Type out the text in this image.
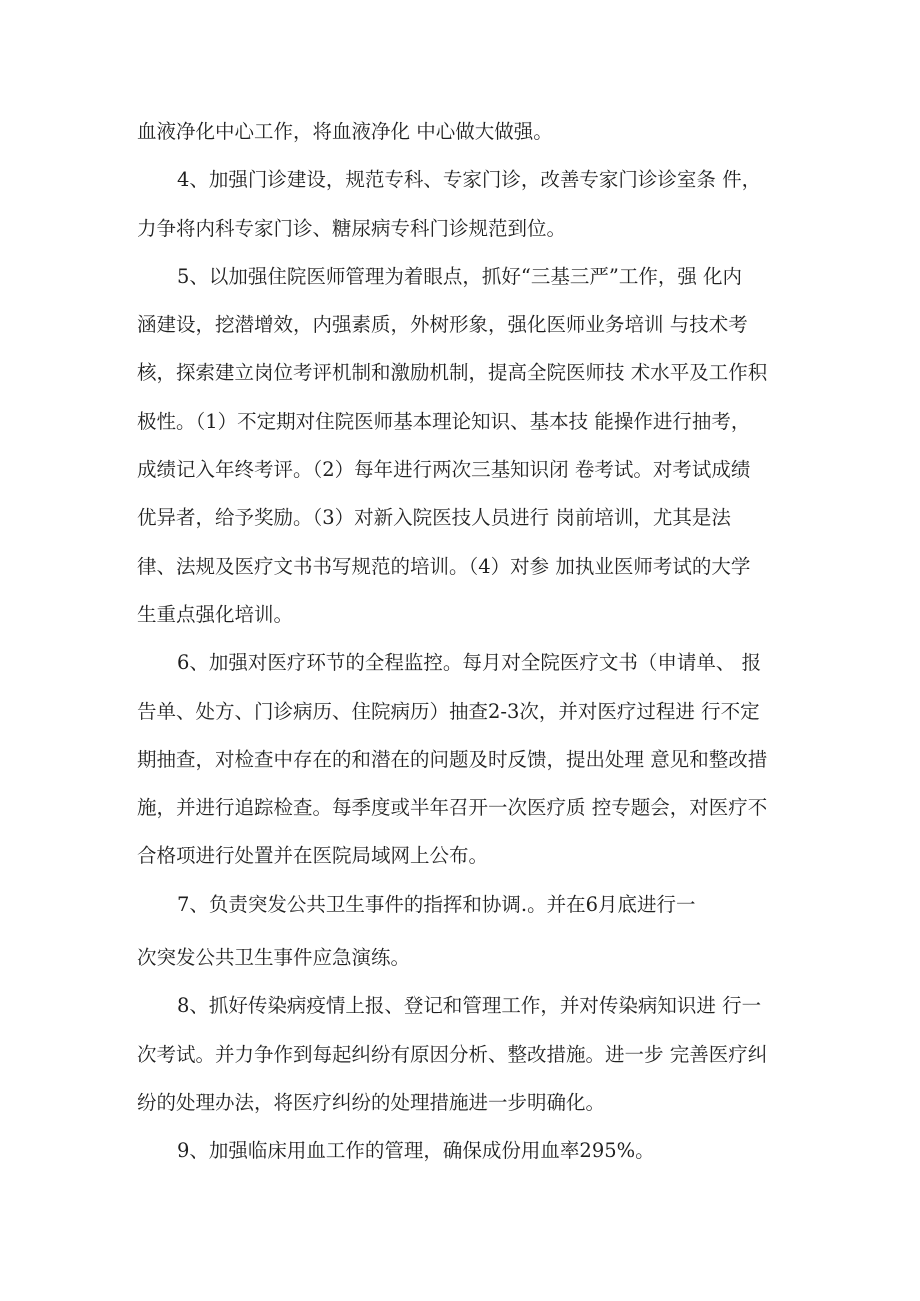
血液净化中心工作，将血液净化 中心做大做强。
4、加强门诊建设，规范专科、专家门诊，改善专家门诊诊室条 件，
力争将内科专家门诊、糖尿病专科门诊规范到位。
5、以加强住院医师管理为着眼点，抓好“三基三严”工作，强 化内
涵建设，挖潜增效，内强素质，外树形象，强化医师业务培训 与技术考
核，探索建立岗位考评机制和激励机制，提高全院医师技 术水平及工作积
极性。（1）不定期对住院医师基本理论知识、基本技 能操作进行抽考，
成绩记入年终考评。（2）每年进行两次三基知识闭 卷考试。对考试成绩
优异者，给予奖励。（3）对新入院医技人员进行 岗前培训，尤其是法
律、法规及医疗文书书写规范的培训。（4）对参 加执业医师考试的大学
生重点强化培训。
6、加强对医疗环节的全程监控。每月对全院医疗文书（申请单、 报
告单、处方、门诊病历、住院病历）抽查2-3次，并对医疗过程进 行不定
期抽查，对检查中存在的和潜在的问题及时反馈，提出处理 意见和整改措
施，并进行追踪检查。每季度或半年召开一次医疗质 控专题会，对医疗不
合格项进行处置并在医院局域网上公布。
7、负责突发公共卫生事件的指挥和协调.。并在6月底进行一
次突发公共卫生事件应急演练。
8、抓好传染病疫情上报、登记和管理工作，并对传染病知识进 行一
次考试。并力争作到每起纠纷有原因分析、整改措施。进一步 完善医疗纠
纷的处理办法，将医疗纠纷的处理措施进一步明确化。
9、加强临床用血工作的管理，确保成份用血率295%。
